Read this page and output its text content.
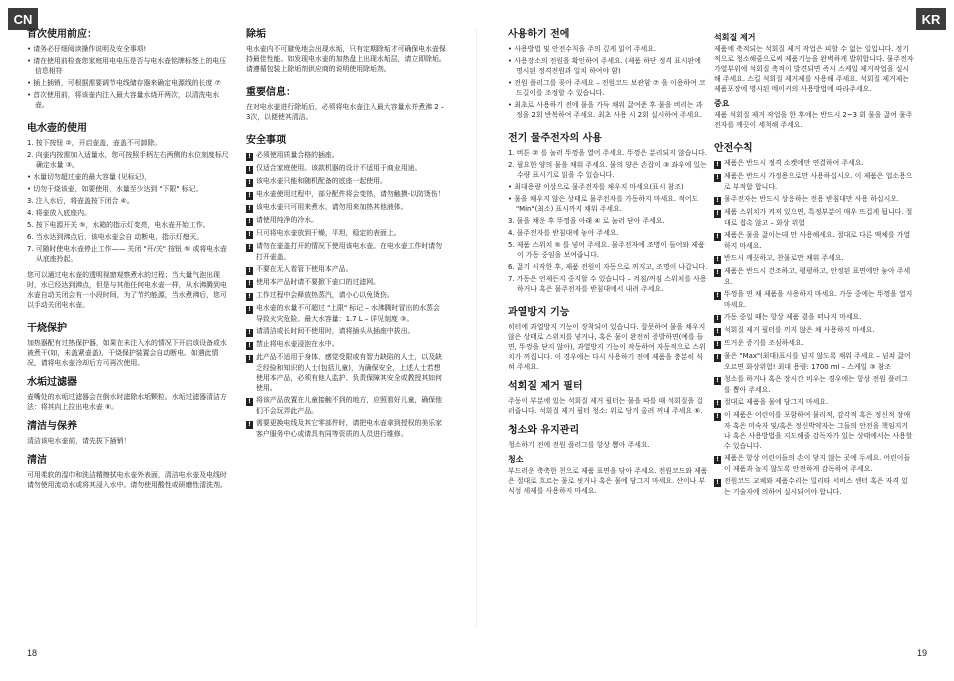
CN	KR
首次使用前应：

• 请务必仔细阅读操作说明及安全事项!

• 请在使用前检查您家庭用电电压是否与电水壶铭牌标签上的电压信息相符

• 插上插销，可根据需要调节电线储存器来确定电源线的长度 ⑦

• 首次使用前，将该壶内注入最大容量水烧开两次，以清洗电水壶。

电水壶的使用

1. 按下按钮 ②，开启壶盖，壶盖不可卸除。

2. 向壶内按需加入适量水，您可按照手柄左右两侧的水位刻度标尺确定水量 ③。

• 水量切勿超过壶的最大容量 (见标记)，

• 切勿干烧该壶，如要使用，水量至少达到 "下限" 标记。

3. 注入水后，将壶盖按下闭合 ④。

4. 将壶放入底座内。

5. 按下电源开关 ⑤，水箱的指示灯变亮，电水壶开始工作。

6. 当水达到沸点后，该电水壶会自 动断电，指示灯熄灭。

7. 可随时使电水壶停止工作—— 关闭 "开/关" 按钮 ⑤ 或将电水壶从底座拎起。

您可以通过电水壶的透明视窗观察煮水的过程；当大量气泡出现时，水已经达到沸点，但是与其他任何电水壶一样，从水沸腾到电水壶自动关闭会有一小段时间，为了节约能源，当水煮沸后，您可以手动关闭电水壶。

干烧保护

加热器配有过热保护器，如果在未注入水的情况下开启该设备或水被煮干(如，未盖紧壶盖)，干烧保护装置会自动断电。如遇此情况，请将电水壶冷却后方可再次使用。

水垢过滤器

壶嘴处的水垢过滤器会在倒水时滤除水垢颗粒。水垢过滤器清洁方法：将其向上拉出电水壶 ⑥。

清洁与保养

清洁该电水壶前，请先拔下插销！

清洁

可用柔软的湿巾和洗洁精擦拭电水壶外表面，清洁电水壶及电线时请勿使用流动水或将其浸入水中。请勿使用酸性或研磨性清洗剂。

除垢

电水壶内不可避免地会出现水垢，只有定期除垢才可确保电水壶保持最佳性能。如发现电水壶的加热盘上出现水垢层，请立即除垢。请遵循包装上除垢剂供应商的说明使用除垢剂。

重要信息：

在对电水壶进行除垢后，必须将电水壶注入最大容量水并煮沸 2 – 3次，以便使其清洁。

安全事项

! 必须使用质量合格的插座。

! 仅适合家庭使用。该款机器的设计不适用于商业用途。

! 该电水壶只能和随机配备的底座一起使用。

! 电水壶使用过程中，部分配件将会变热，请勿触摸-以防烫伤！

! 该电水壶只可用来煮水，请勿用来加热其他液体。

! 请使用纯净的冷水。

! 只可将电水壶放到干燥，平坦，稳定的表面上。

! 请勿在壶盖打开的情况下使用该电水壶。在电水壶工作时请勿打开壶盖。

! 不要在无人看管下使用本产品。

! 使用本产品时请不要掀下壶口的过滤网。

! 工作过程中会释放热蒸汽，请小心以免烫伤。

! 电水壶的水量不可超过 "上限" 标记 – 水沸腾时冒出的水蒸会导致火灾危险。最大水容量：1.7 L – 详见刻度 ③。

! 请清洁或长时间不使用时，请将插头从插座中拔出。

! 禁止将电水壶浸泡在水中。

! 此产品不适用于身体、感觉受限或有智力缺陷的人士，以及缺乏经验和知识的人士(包括儿童)，为确保安全，上述人士若想使用本产品，必须有他人监护、负责保障其安全或教授其如何使用。

! 将该产品放置在儿童接触不到的地方，应照看好儿童，确保他们不会玩弄此产品。

! 需要更换电线及其它零部件时，请把电水壶拿到授权的美乐家客户服务中心或请具有同等资质的人员进行维修。

사용하기 전에

• 사용방법 및 안전수칙을 주의 깊게 읽어 주세요.

• 사용장소의 전원을 확인하여 주세요. (제품 하단 정격 표시판에 명시된 정격전원과 일치 하여야 함)

• 전원 플러그를 꽂아 주세요 – 전원코드 보관함 ⑦ 을 이용하여 코드길이를 조정할 수 있습니다.

• 최초로 사용하기 전에 물을 가득 채워 끓여준 후 물을 버리는 과정을 2회 반복하여 주세요. 최초 사용 시 2회 실시하여 주세요.

전기 물주전자의 사용

1. 버튼 ② 를 눌러 뚜껑을 열어 주세요. 뚜껑은 분리되지 않습니다.

2. 필요한 양의 물을 채워 주세요. 물의 양은 손잡이 ③ 좌우에 있는 수량 표시기로 읽을 수 있습니다.

• 최대용량 이상으로 물주전자를 채우지 마세요(표시 참조)

• 물을 채우지 않은 상태로 물주전자를 가동하지 마세요. 적어도 "Min"(최소) 표시까지 채워 주세요.

3. 물을 채운 후 뚜껑을 아래 ④ 로 눌러 닫아 주세요.

4. 물주전자를 받침대에 놓아 주세요.

5. 제품 스위치 ⑤ 를 넣어 주세요. 물주전자에 조명이 들어와 제품이 가동 중임을 보여줍니다.

6. 끓기 시작한 후, 제품 전원이 자동으로 꺼지고, 조명이 나갑니다.

7. 가동은 언제든지 중지할 수 있습니다 – 켜짐/꺼짐 스위치를 사용하거나 혹은 물주전자를 받침대에서 내려 주세요.

과열방지 기능

히터에 과열방지 기능이 장착되어 있습니다. 잘못하여 물을 채우지 않은 상태로 스위치를 넣거나, 혹은 물이 완전히 증발하면(예를 들면, 뚜껑을 닫지 않아), 과열방지 기능이 작동하여 자동적으로 스위치가 꺼집니다. 이 경우에는 다시 사용하기 전에 제품을 충분히 식혀 주세요.

석회질 제거 필터

주둥이 부분에 있는 석회질 제거 필터는 물을 따를 때 석회질을 걸러줍니다. 석회질 제거 필터 청소: 위로 당겨 올려 꺼내 주세요 ⑥.

청소와 유지관리

청소하기 전에 전원 플러그를 항상 뽑아 주세요.

청소

부드러운 축축한 천으로 제품 표면을 닦아 주세요. 전원코드와 제품은 절대로 흐르는 물로 씻거나 혹은 물에 담그지 마세요. 산이나 부식성 세제를 사용하지 마세요.

석회질 제거

제품에 축적되는 석회질 제거 작업은 피할 수 없는 일입니다. 정기적으로 청소해줌으로써 제품기능을 완벽하게 발휘합니다. 물주전자 가열부위에 석회질 축적이 발견되면 즉시 스케일 제거작업을 실시해 주세요. 스킬 석회질 제거제를 사용해 주세요. 석회질 제거제는 제품포장에 명시된 메이커의 사용방법에 따라주세요.

중요

제품 석회질 제거 작업을 한 후에는 반드시 2~3 회 물을 끓여 물주전자를 깨끗이 세척해 주세요.

안전수칙

! 제품은 반드시 정격 소켓에만 연결하여 주세요.

! 제품은 반드시 가정용으로만 사용하십시오. 이 제품은 업소용으로 부적합 합니다.

! 물주전자는 반드시 상응하는 전용 받침대만 사용 하십시오.

! 제품 스위치가 켜져 있으면, 특정부분이 매우 뜨겁게 됩니다. 절대로 접촉 않고 – 화상 위험

! 제품은 물을 끓이는데 만 사용해세요. 절대로 다른 액체를 가열하지 마세요.

! 반드시 깨끗하고, 찬물로만 채워 주세요.

! 제품은 반드시 건조하고, 평평하고, 안정된 표면에만 놓아 주세요.

! 뚜껑을 연 채 제품을 사용하지 마세요. 가동 중에는 뚜껑을 열지 마세요.

! 가동 중일 때는 항상 제품 곁을 떠나지 마세요.

! 석회질 제거 필터를 끼지 않은 채 사용하지 마세요.

! 뜨거운 증기를 조심하세요.

! 물은 "Max"(최대)표시를 넘지 않도록 채워 주세요 – 넘쳐 끓어 오르면 화상위험! 최대 용량: 1700 ml – 스케일 ③ 참조

! 청소를 하거나 혹은 장시간 비우는 경우에는 항상 전원 플러그를 뽑아 주세요.

! 절대로 제품을 물에 담그지 마세요.

! 이 제품은 어린이를 포함하여 물리적, 감각적 혹은 정신적 장애자 혹은 미숙자 및/혹은 정신박약자는 그들의 안전을 책임지거나 혹은 사용방법을 지도해줄 감독자가 있는 상태에서는 사용할 수 있습니다.

! 제품은 항상 어린이들의 손이 닿지 않는 곳에 두세요. 어린이들이 제품과 놀지 않도록 안전하게 감독하여 주세요.

! 전원코드 교체와 제품수리는 밀리타 서비스 센터 혹은 자격 있는 기술자에 의하여 실시되어야 합니다.

18	19
